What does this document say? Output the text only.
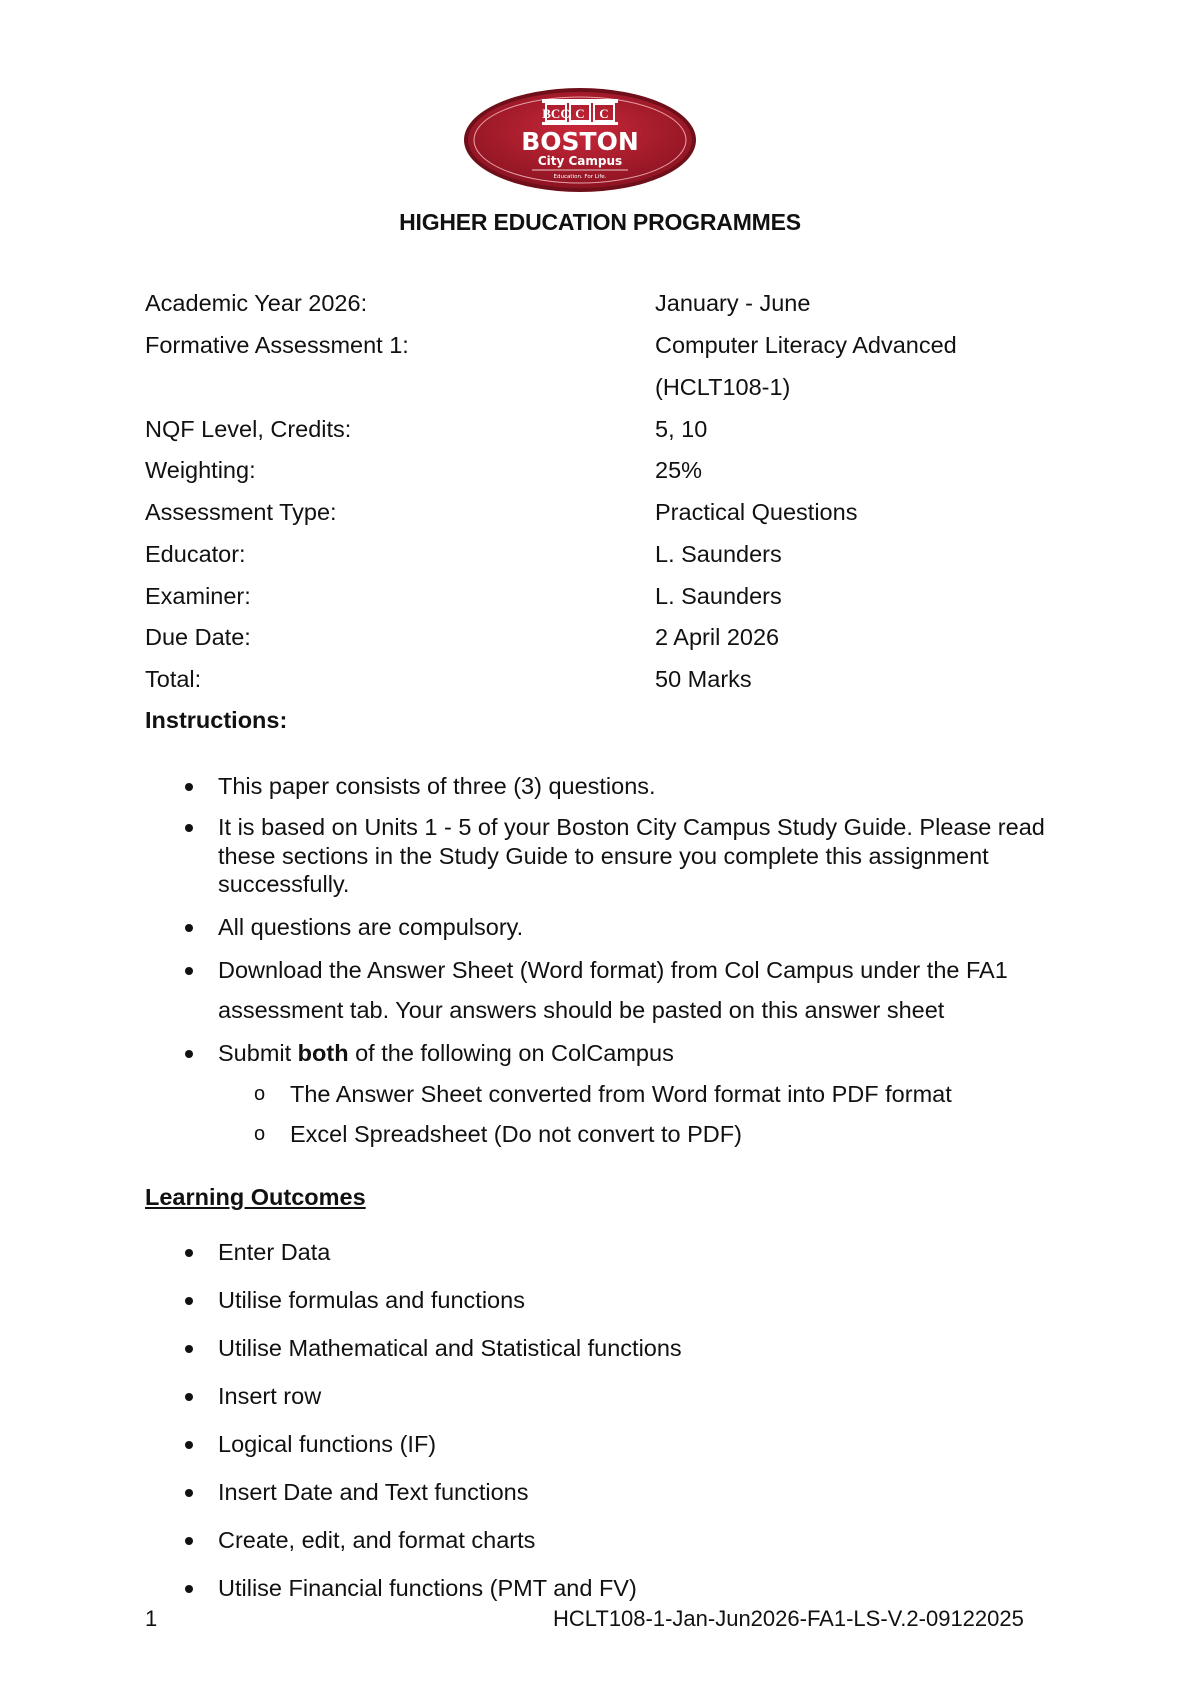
BCC C C
BOSTON
City Campus
Education. For Life.
HIGHER EDUCATION PROGRAMMES
Academic Year 2026:	January - June
Formative Assessment 1:	Computer Literacy Advanced
(HCLT108-1)
NQF Level, Credits:	5, 10
Weighting:	25%
Assessment Type:	Practical Questions
Educator:	L. Saunders
Examiner:	L. Saunders
Due Date:	2 April 2026
Total:	50 Marks
Instructions:
This paper consists of three (3) questions.
It is based on Units 1 - 5 of your Boston City Campus Study Guide. Please read these sections in the Study Guide to ensure you complete this assignment successfully.
All questions are compulsory.
Download the Answer Sheet (Word format) from Col Campus under the FA1
assessment tab. Your answers should be pasted on this answer sheet
Submit both of the following on ColCampus
o The Answer Sheet converted from Word format into PDF format
o Excel Spreadsheet (Do not convert to PDF)
Learning Outcomes
Enter Data
Utilise formulas and functions
Utilise Mathematical and Statistical functions
Insert row
Logical functions (IF)
Insert Date and Text functions
Create, edit, and format charts
Utilise Financial functions (PMT and FV)
1	HCLT108-1-Jan-Jun2026-FA1-LS-V.2-09122025
